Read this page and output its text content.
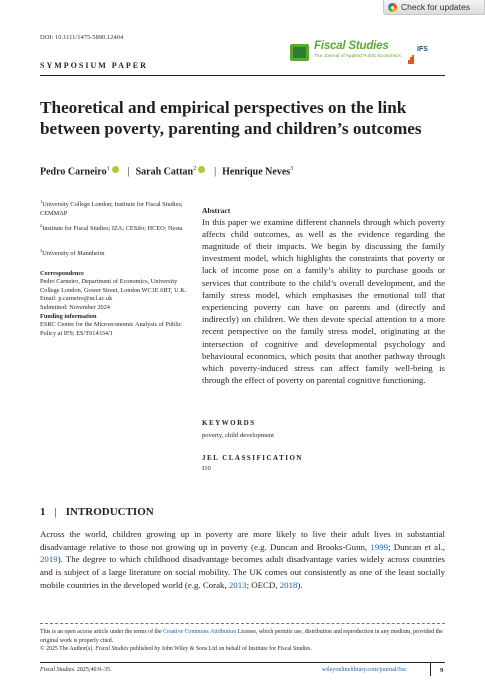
Check for updates
DOI: 10.1111/1475-5890.12404
Fiscal Studies
The Journal of Applied Public Economics
IFS
SYMPOSIUM PAPER
Theoretical and empirical perspectives on the link between poverty, parenting and children’s outcomes
Pedro Carneiro$^1$ | Sarah Cattan$^2$ | Henrique Neves$^3$
$^1$University College London; Institute for Fiscal Studies; CEMMAP
$^2$Institute for Fiscal Studies; IZA; CESifo; HCEO; Nesta
$^3$University of Mannheim
Correspondence
Pedro Carneiro, Department of Economics, University College London, Gower Street, London WC1E 6BT, U.K.
Email: p.carneiro@ucl.ac.uk
Submitted: November 2024
Funding information
ESRC Centre for the Microeconomic Analysis of Public Policy at IFS; ES/T014334/1
Abstract
In this paper we examine different channels through which poverty affects child outcomes, as well as the evidence regarding the magnitude of their impacts. We begin by discussing the family investment model, which highlights the constraints that poverty or lack of income pose on a family’s ability to purchase goods or services that contribute to the child’s overall development, and the family stress model, which emphasises the emotional toll that experiencing poverty can have on parents and (directly and indirectly) on children. We then devote special attention to a more recent perspective on the family stress model, originating at the intersection of cognitive and developmental psychology and behavioural economics, which posits that another pathway through which poverty-induced stress can affect family well-being is through the effect of poverty on parental cognitive functioning.
KEYWORDS
poverty, child development
JEL CLASSIFICATION
I10
1 | INTRODUCTION
Across the world, children growing up in poverty are more likely to live their adult lives in substantial disadvantage relative to those not growing up in poverty (e.g. Duncan and Brooks-Gunn, 1999; Duncan et al., 2019). The degree to which childhood disadvantage becomes adult disadvantage varies widely across countries and is subject of a large literature on social mobility. The UK comes out consistently as one of the least socially mobile countries in the developed world (e.g. Corak, 2013; OECD, 2018).
This is an open access article under the terms of the Creative Commons Attribution License, which permits use, distribution and reproduction in any medium, provided the original work is properly cited.
© 2025 The Author(s). Fiscal Studies published by John Wiley & Sons Ltd on behalf of Institute for Fiscal Studies.
Fiscal Studies. 2025;46:9–35.	wileyonlinelibrary.com/journal/fisc	9
